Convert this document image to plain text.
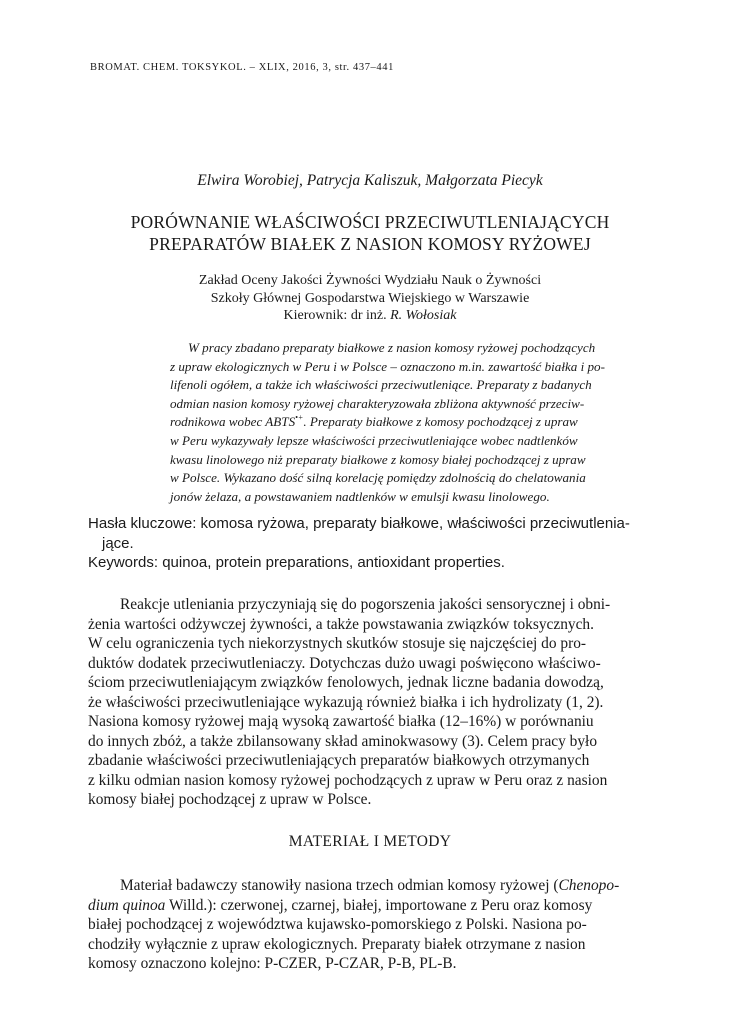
BROMAT. CHEM. TOKSYKOL. – XLIX, 2016, 3, str. 437–441
Elwira Worobiej, Patrycja Kaliszuk, Małgorzata Piecyk
PORÓWNANIE WŁAŚCIWOŚCI PRZECIWUTLENIAJĄCYCH
PREPARATÓW BIAŁEK Z NASION KOMOSY RYŻOWEJ
Zakład Oceny Jakości Żywności Wydziału Nauk o Żywności
Szkoły Głównej Gospodarstwa Wiejskiego w Warszawie
Kierownik: dr inż. R. Wołosiak
W pracy zbadano preparaty białkowe z nasion komosy ryżowej pochodzących
z upraw ekologicznych w Peru i w Polsce – oznaczono m.in. zawartość białka i po-
lifenoli ogółem, a także ich właściwości przeciwutleniące. Preparaty z badanych
odmian nasion komosy ryżowej charakteryzowała zbliżona aktywność przeciw-
rodnikowa wobec ABTS•+. Preparaty białkowe z komosy pochodzącej z upraw
w Peru wykazywały lepsze właściwości przeciwutleniające wobec nadtlenków
kwasu linolowego niż preparaty białkowe z komosy białej pochodzącej z upraw
w Polsce. Wykazano dość silną korelację pomiędzy zdolnością do chelatowania
jonów żelaza, a powstawaniem nadtlenków w emulsji kwasu linolowego.
Hasła kluczowe: komosa ryżowa, preparaty białkowe, właściwości przeciwutlenia-
jące.
Keywords: quinoa, protein preparations, antioxidant properties.
Reakcje utleniania przyczyniają się do pogorszenia jakości sensorycznej i obni-
żenia wartości odżywczej żywności, a także powstawania związków toksycznych.
W celu ograniczenia tych niekorzystnych skutków stosuje się najczęściej do pro-
duktów dodatek przeciwutleniaczy. Dotychczas dużo uwagi poświęcono właściwo-
ściom przeciwutleniającym związków fenolowych, jednak liczne badania dowodzą,
że właściwości przeciwutleniające wykazują również białka i ich hydrolizaty (1, 2).
Nasiona komosy ryżowej mają wysoką zawartość białka (12–16%) w porównaniu
do innych zbóż, a także zbilansowany skład aminokwasowy (3). Celem pracy było
zbadanie właściwości przeciwutleniających preparatów białkowych otrzymanych
z kilku odmian nasion komosy ryżowej pochodzących z upraw w Peru oraz z nasion
komosy białej pochodzącej z upraw w Polsce.
MATERIAŁ I METODY
Materiał badawczy stanowiły nasiona trzech odmian komosy ryżowej (Chenopo-
dium quinoa Willd.): czerwonej, czarnej, białej, importowane z Peru oraz komosy
białej pochodzącej z województwa kujawsko-pomorskiego z Polski. Nasiona po-
chodziły wyłącznie z upraw ekologicznych. Preparaty białek otrzymane z nasion
komosy oznaczono kolejno: P-CZER, P-CZAR, P-B, PL-B.
